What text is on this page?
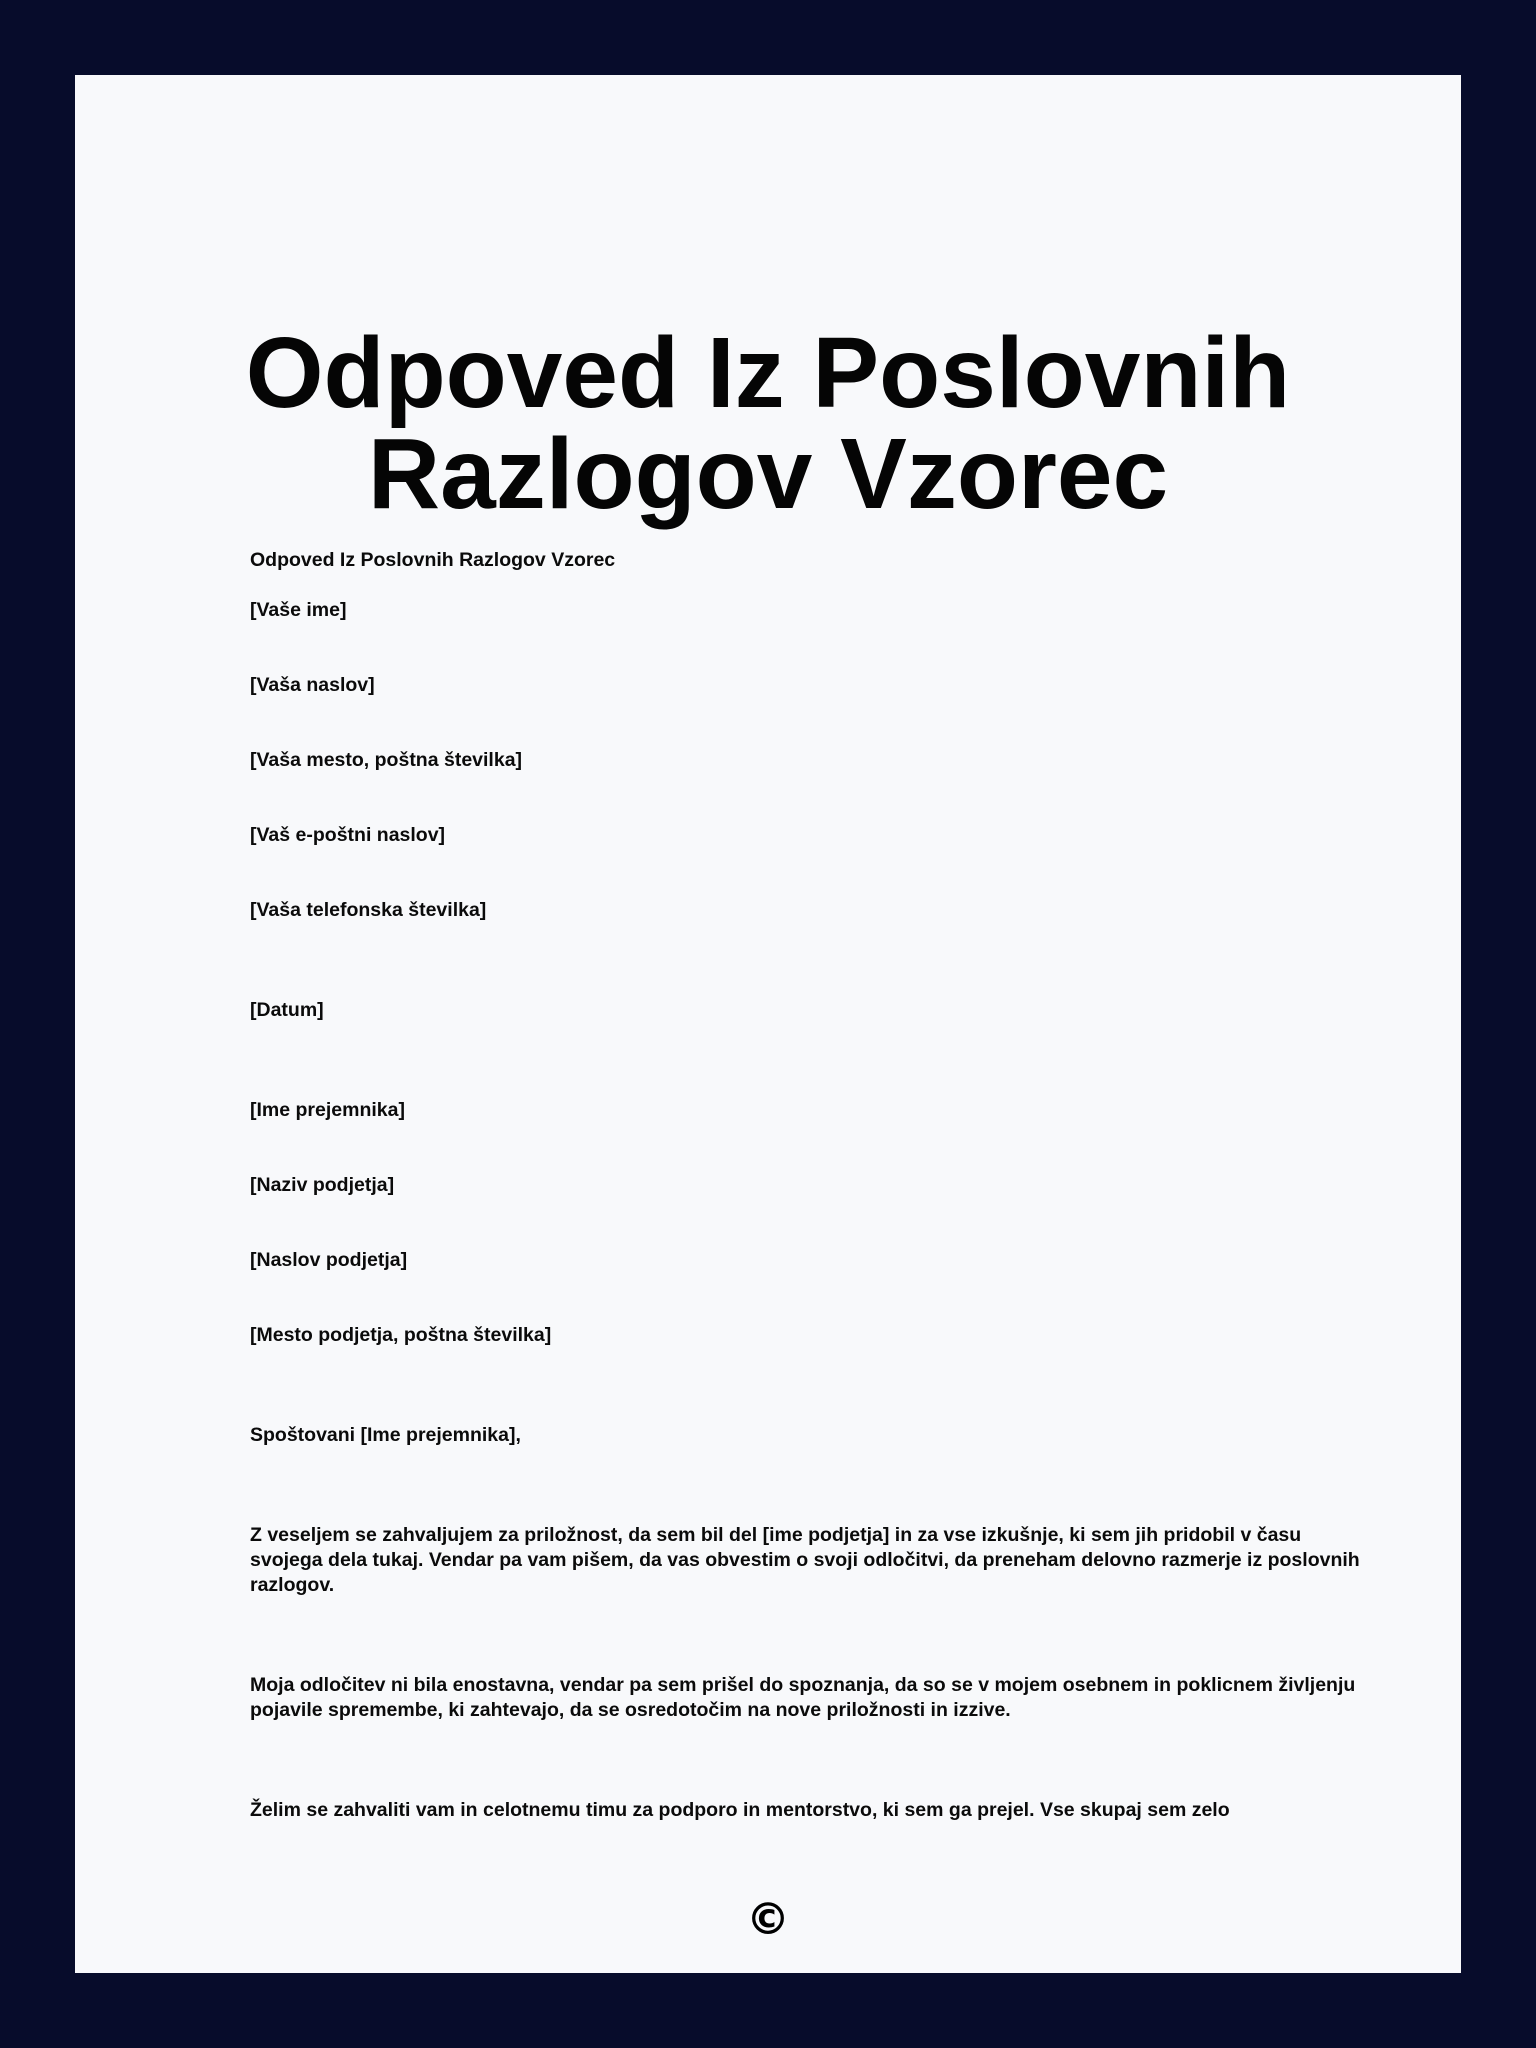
Odpoved Iz Poslovnih Razlogov Vzorec

Odpoved Iz Poslovnih Razlogov Vzorec

[Vaše ime]

[Vaša naslov]

[Vaša mesto, poštna številka]

[Vaš e-poštni naslov]

[Vaša telefonska številka]

[Datum]

[Ime prejemnika]

[Naziv podjetja]

[Naslov podjetja]

[Mesto podjetja, poštna številka]

Spoštovani [Ime prejemnika],

Z veseljem se zahvaljujem za priložnost, da sem bil del [ime podjetja] in za vse izkušnje, ki sem jih pridobil v času svojega dela tukaj. Vendar pa vam pišem, da vas obvestim o svoji odločitvi, da preneham delovno razmerje iz poslovnih razlogov.

Moja odločitev ni bila enostavna, vendar pa sem prišel do spoznanja, da so se v mojem osebnem in poklicnem življenju pojavile spremembe, ki zahtevajo, da se osredotočim na nove priložnosti in izzive.

Želim se zahvaliti vam in celotnemu timu za podporo in mentorstvo, ki sem ga prejel. Vse skupaj sem zelo

©
